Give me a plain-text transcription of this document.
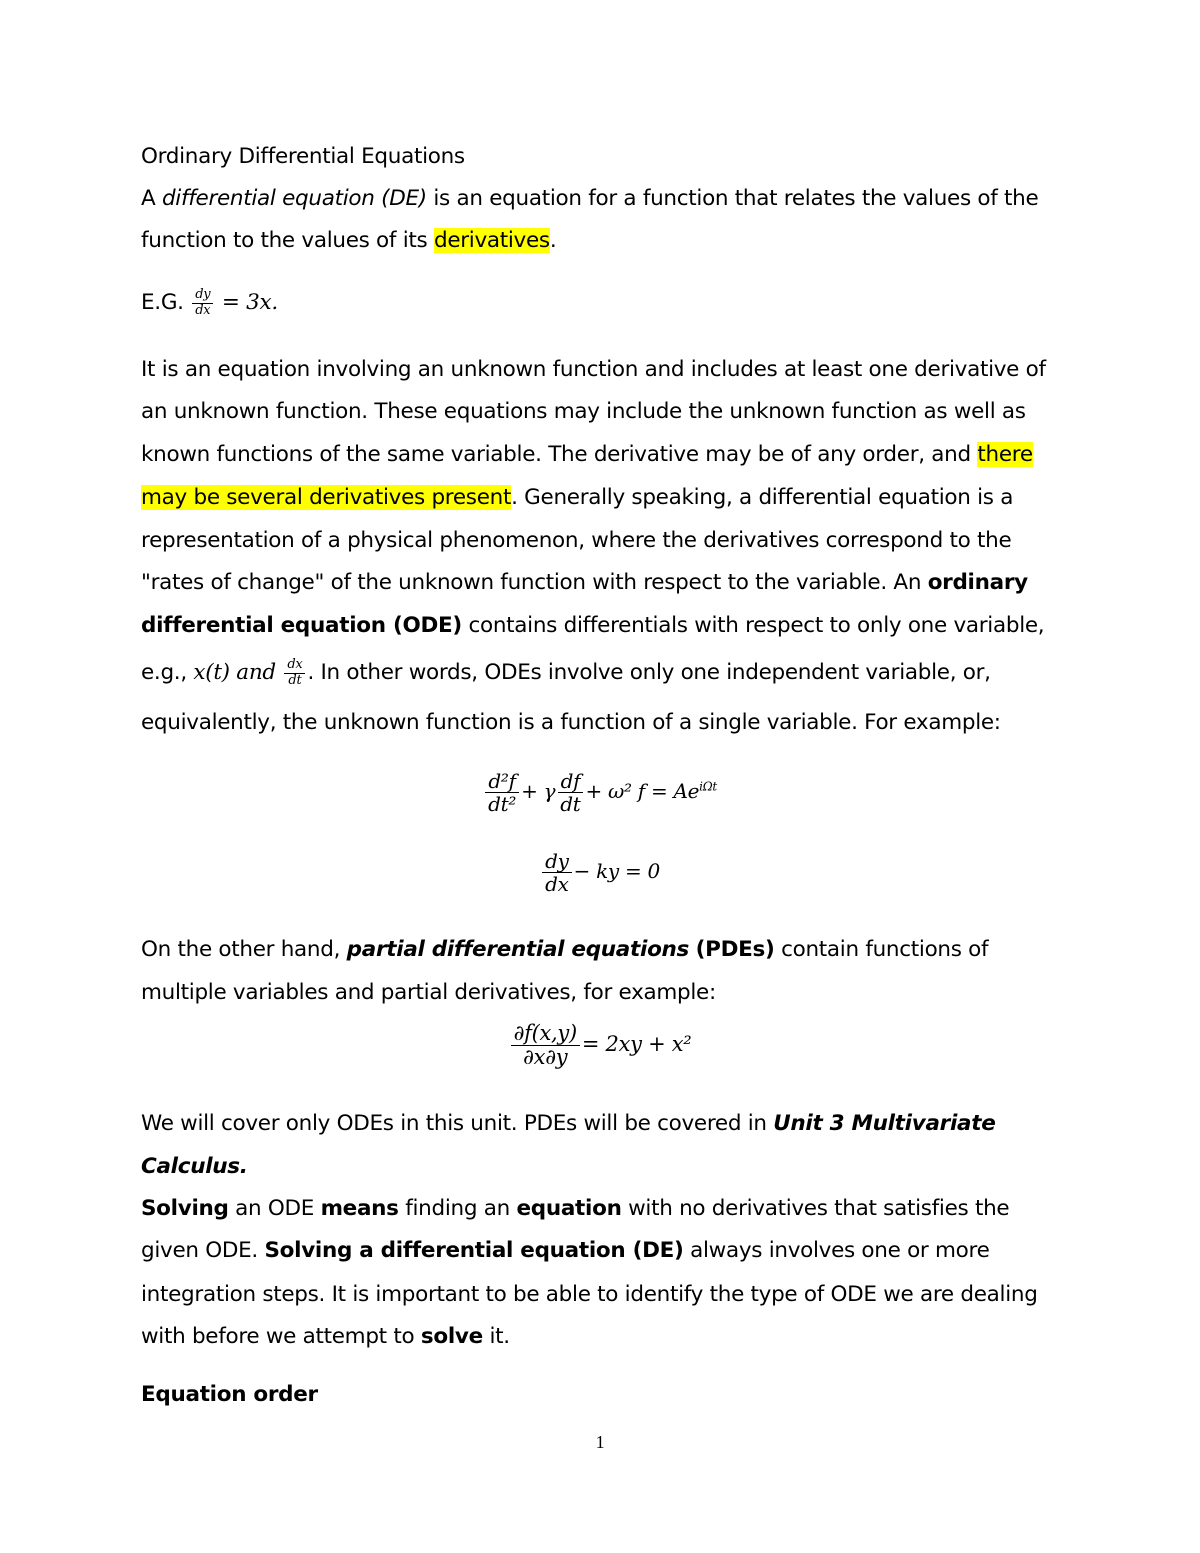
Ordinary Differential Equations

A differential equation (DE) is an equation for a function that relates the values of the

function to the values of its derivatives.

E.G. $\frac{dy}{dx} = 3x$.

It is an equation involving an unknown function and includes at least one derivative of

an unknown function. These equations may include the unknown function as well as

known functions of the same variable. The derivative may be of any order, and there

may be several derivatives present. Generally speaking, a differential equation is a

representation of a physical phenomenon, where the derivatives correspond to the

"rates of change" of the unknown function with respect to the variable. An ordinary

differential equation (ODE) contains differentials with respect to only one variable,

e.g., x(t) and $\frac{dx}{dt}$ . In other words, ODEs involve only one independent variable, or,

equivalently, the unknown function is a function of a single variable. For example:

$\frac{\text{d²f}}{\text{dt²}} + \gamma \frac{df}{dt} + \omega^2$ $f = Ae^{i\Omega t}$
$\frac{dy}{dx}$ − ky = 0

On the other hand, partial differential equations (PDEs) contain functions of

multiple variables and partial derivatives, for example:

$\frac{\partial f(x,y)}{\partial x\partial y} = 2xy + x^2$

We will cover only ODEs in this unit. PDEs will be covered in Unit 3 Multivariate

Calculus.

Solving an ODE means finding an equation with no derivatives that satisfies the

given ODE. Solving a differential equation (DE) always involves one or more

integration steps. It is important to be able to identify the type of ODE we are dealing

with before we attempt to solve it.

Equation order

1
